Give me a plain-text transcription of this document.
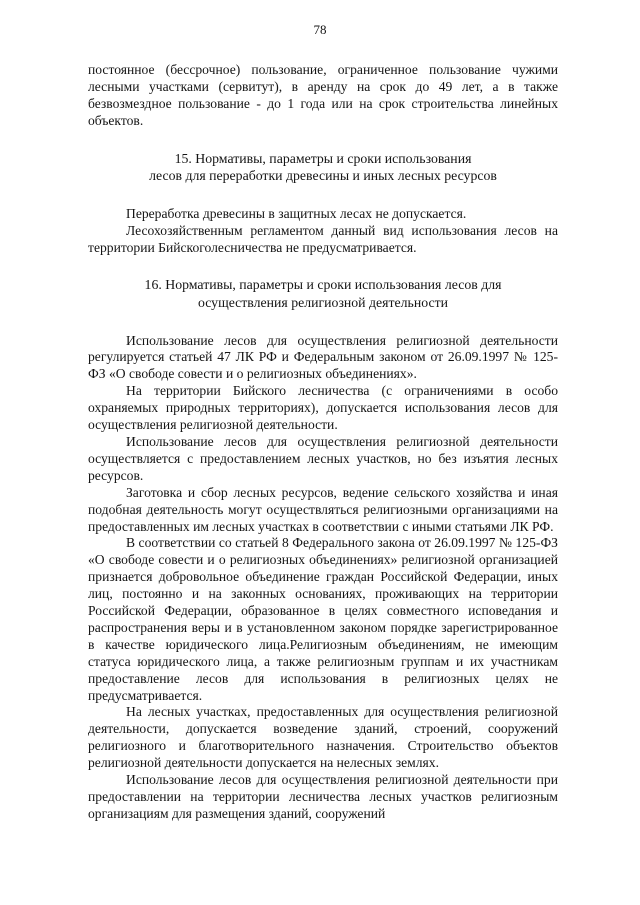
78

постоянное (бессрочное) пользование, ограниченное пользование чужими лесными участками (сервитут), в аренду на срок до 49 лет, а в также безвозмездное пользование - до 1 года или на срок строительства линейных объектов.

15. Нормативы, параметры и сроки использования
лесов для переработки древесины и иных лесных ресурсов

Переработка древесины в защитных лесах не допускается.

Лесохозяйственным регламентом данный вид использования лесов на территории Бийскоголесничества не предусматривается.

16. Нормативы, параметры и сроки использования лесов для
осуществления религиозной деятельности

Использование лесов для осуществления религиозной деятельности регулируется статьей 47 ЛК РФ и Федеральным законом от 26.09.1997 № 125-ФЗ «О свободе совести и о религиозных объединениях».

На территории Бийского лесничества (с ограничениями в особо охраняемых природных территориях), допускается использования лесов для осуществления религиозной деятельности.

Использование лесов для осуществления религиозной деятельности осуществляется с предоставлением лесных участков, но без изъятия лесных ресурсов.

Заготовка и сбор лесных ресурсов, ведение сельского хозяйства и иная подобная деятельность могут осуществляться религиозными организациями на предоставленных им лесных участках в соответствии с иными статьями ЛК РФ.

В соответствии со статьей 8 Федерального закона от 26.09.1997 № 125-ФЗ «О свободе совести и о религиозных объединениях» религиозной организацией признается добровольное объединение граждан Российской Федерации, иных лиц, постоянно и на законных основаниях, проживающих на территории Российской Федерации, образованное в целях совместного исповедания и распространения веры и в установленном законом порядке зарегистрированное в качестве юридического лица.Религиозным объединениям, не имеющим статуса юридического лица, а также религиозным группам и их участникам предоставление лесов для использования в религиозных целях не предусматривается.

На лесных участках, предоставленных для осуществления религиозной деятельности, допускается возведение зданий, строений, сооружений религиозного и благотворительного назначения. Строительство объектов религиозной деятельности допускается на нелесных землях.

Использование лесов для осуществления религиозной деятельности при предоставлении на территории лесничества лесных участков религиозным организациям для размещения зданий, сооружений
